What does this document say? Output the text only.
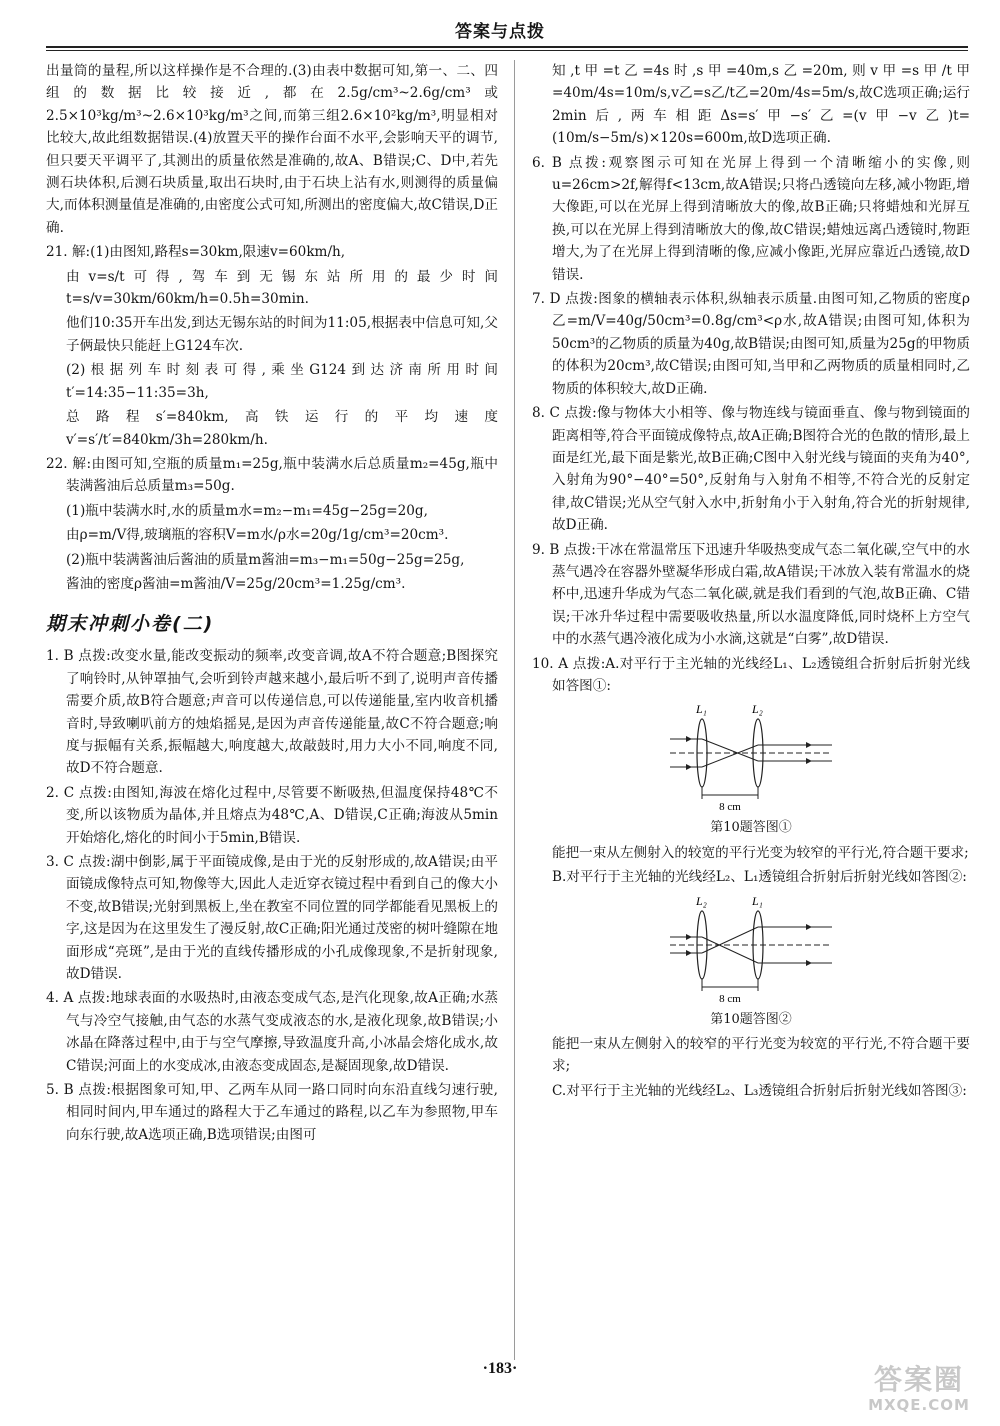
答案与点拨

出量筒的量程,所以这样操作是不合理的.(3)由表中数据可知,第一、二、四组的数据比较接近,都在2.5g/cm³~2.6g/cm³或2.5×10³kg/m³~2.6×10³kg/m³之间,而第三组2.6×10²kg/m³,明显相对比较大,故此组数据错误.(4)放置天平的操作台面不水平,会影响天平的调节,但只要天平调平了,其测出的质量依然是准确的,故A、B错误;C、D中,若先测石块体积,后测石块质量,取出石块时,由于石块上沾有水,则测得的质量偏大,而体积测量值是准确的,由密度公式可知,所测出的密度偏大,故C错误,D正确.

21. 解:(1)由图知,路程s=30km,限速v=60km/h,

由v=s/t可得,驾车到无锡东站所用的最少时间t=s/v=30km/60km/h=0.5h=30min.

他们10:35开车出发,到达无锡东站的时间为11:05,根据表中信息可知,父子俩最快只能赶上G124车次.

(2)根据列车时刻表可得,乘坐G124到达济南所用时间t′=14:35−11:35=3h,

总路程s′=840km,高铁运行的平均速度v′=s′/t′=840km/3h=280km/h.

22. 解:由图可知,空瓶的质量m₁=25g,瓶中装满水后总质量m₂=45g,瓶中装满酱油后总质量m₃=50g.

(1)瓶中装满水时,水的质量m水=m₂−m₁=45g−25g=20g,

由ρ=m/V得,玻璃瓶的容积V=m水/ρ水=20g/1g/cm³=20cm³.

(2)瓶中装满酱油后酱油的质量m酱油=m₃−m₁=50g−25g=25g,

酱油的密度ρ酱油=m酱油/V=25g/20cm³=1.25g/cm³.

期末冲刺小卷(二)

1. B 点拨:改变水量,能改变振动的频率,改变音调,故A不符合题意;B图探究了响铃时,从钟罩抽气,会听到铃声越来越小,最后听不到了,说明声音传播需要介质,故B符合题意;声音可以传递信息,可以传递能量,室内收音机播音时,导致喇叭前方的烛焰摇晃,是因为声音传递能量,故C不符合题意;响度与振幅有关系,振幅越大,响度越大,故敲鼓时,用力大小不同,响度不同,故D不符合题意.

2. C 点拨:由图知,海波在熔化过程中,尽管要不断吸热,但温度保持48℃不变,所以该物质为晶体,并且熔点为48℃,A、D错误,C正确;海波从5min开始熔化,熔化的时间小于5min,B错误.

3. C 点拨:湖中倒影,属于平面镜成像,是由于光的反射形成的,故A错误;由平面镜成像特点可知,物像等大,因此人走近穿衣镜过程中看到自己的像大小不变,故B错误;光射到黑板上,坐在教室不同位置的同学都能看见黑板上的字,这是因为在这里发生了漫反射,故C正确;阳光通过茂密的树叶缝隙在地面形成“亮斑”,是由于光的直线传播形成的小孔成像现象,不是折射现象,故D错误.

4. A 点拨:地球表面的水吸热时,由液态变成气态,是汽化现象,故A正确;水蒸气与冷空气接触,由气态的水蒸气变成液态的水,是液化现象,故B错误;小冰晶在降落过程中,由于与空气摩擦,导致温度升高,小冰晶会熔化成水,故C错误;河面上的水变成冰,由液态变成固态,是凝固现象,故D错误.

5. B 点拨:根据图象可知,甲、乙两车从同一路口同时向东沿直线匀速行驶,相同时间内,甲车通过的路程大于乙车通过的路程,以乙车为参照物,甲车向东行驶,故A选项正确,B选项错误;由图可

知,t甲=t乙=4s时,s甲=40m,s乙=20m,则v甲=s甲/t甲=40m/4s=10m/s,v乙=s乙/t乙=20m/4s=5m/s,故C选项正确;运行2min后,两车相距Δs=s′甲−s′乙=(v甲−v乙)t=(10m/s−5m/s)×120s=600m,故D选项正确.

6. B 点拨:观察图示可知在光屏上得到一个清晰缩小的实像,则u=26cm>2f,解得f<13cm,故A错误;只将凸透镜向左移,减小物距,增大像距,可以在光屏上得到清晰放大的像,故B正确;只将蜡烛和光屏互换,可以在光屏上得到清晰放大的像,故C错误;蜡烛远离凸透镜时,物距增大,为了在光屏上得到清晰的像,应减小像距,光屏应靠近凸透镜,故D错误.

7. D 点拨:图象的横轴表示体积,纵轴表示质量.由图可知,乙物质的密度ρ乙=m/V=40g/50cm³=0.8g/cm³<ρ水,故A错误;由图可知,体积为50cm³的乙物质的质量为40g,故B错误;由图可知,质量为25g的甲物质的体积为20cm³,故C错误;由图可知,当甲和乙两物质的质量相同时,乙物质的体积较大,故D正确.

8. C 点拨:像与物体大小相等、像与物连线与镜面垂直、像与物到镜面的距离相等,符合平面镜成像特点,故A正确;B图符合光的色散的情形,最上面是红光,最下面是紫光,故B正确;C图中入射光线与镜面的夹角为40°,入射角为90°−40°=50°,反射角与入射角不相等,不符合光的反射定律,故C错误;光从空气射入水中,折射角小于入射角,符合光的折射规律,故D正确.

9. B 点拨:干冰在常温常压下迅速升华吸热变成气态二氧化碳,空气中的水蒸气遇冷在容器外壁凝华形成白霜,故A错误;干冰放入装有常温水的烧杯中,迅速升华成为气态二氧化碳,就是我们看到的气泡,故B正确、C错误;干冰升华过程中需要吸收热量,所以水温度降低,同时烧杯上方空气中的水蒸气遇冷液化成为小水滴,这就是“白雾”,故D错误.

10. A 点拨:A.对平行于主光轴的光线经L₁、L₂透镜组合折射后折射光线如答图①:

L₁	L₂
8 cm

第10题答图①

能把一束从左侧射入的较宽的平行光变为较窄的平行光,符合题干要求;

B.对平行于主光轴的光线经L₂、L₁透镜组合折射后折射光线如答图②:

L₂	L₁
8 cm

第10题答图②

能把一束从左侧射入的较窄的平行光变为较宽的平行光,不符合题干要求;

C.对平行于主光轴的光线经L₂、L₃透镜组合折射后折射光线如答图③:

·183·	答案圈
MXQE.COM
